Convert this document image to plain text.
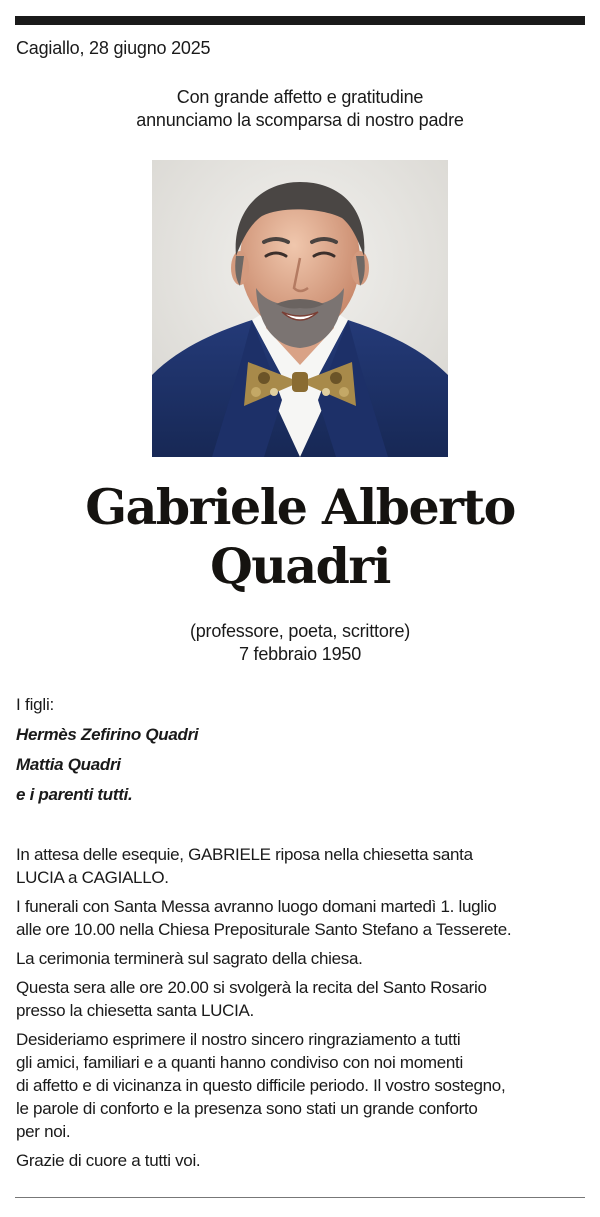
Cagiallo, 28 giugno 2025
Con grande affetto e gratitudine
annunciamo la scomparsa di nostro padre
Gabriele Alberto
Quadri
(professore, poeta, scrittore)
7 febbraio 1950
I figli:
Hermès Zefirino Quadri
Mattia Quadri
e i parenti tutti.

In attesa delle esequie, GABRIELE riposa nella chiesetta santa
LUCIA a CAGIALLO.

I funerali con Santa Messa avranno luogo domani martedì 1. luglio
alle ore 10.00 nella Chiesa Prepositurale Santo Stefano a Tesserete.

La cerimonia terminerà sul sagrato della chiesa.

Questa sera alle ore 20.00 si svolgerà la recita del Santo Rosario
presso la chiesetta santa LUCIA.

Desideriamo esprimere il nostro sincero ringraziamento a tutti
gli amici, familiari e a quanti hanno condiviso con noi momenti
di affetto e di vicinanza in questo difficile periodo. Il vostro sostegno,
le parole di conforto e la presenza sono stati un grande conforto
per noi.

Grazie di cuore a tutti voi.
